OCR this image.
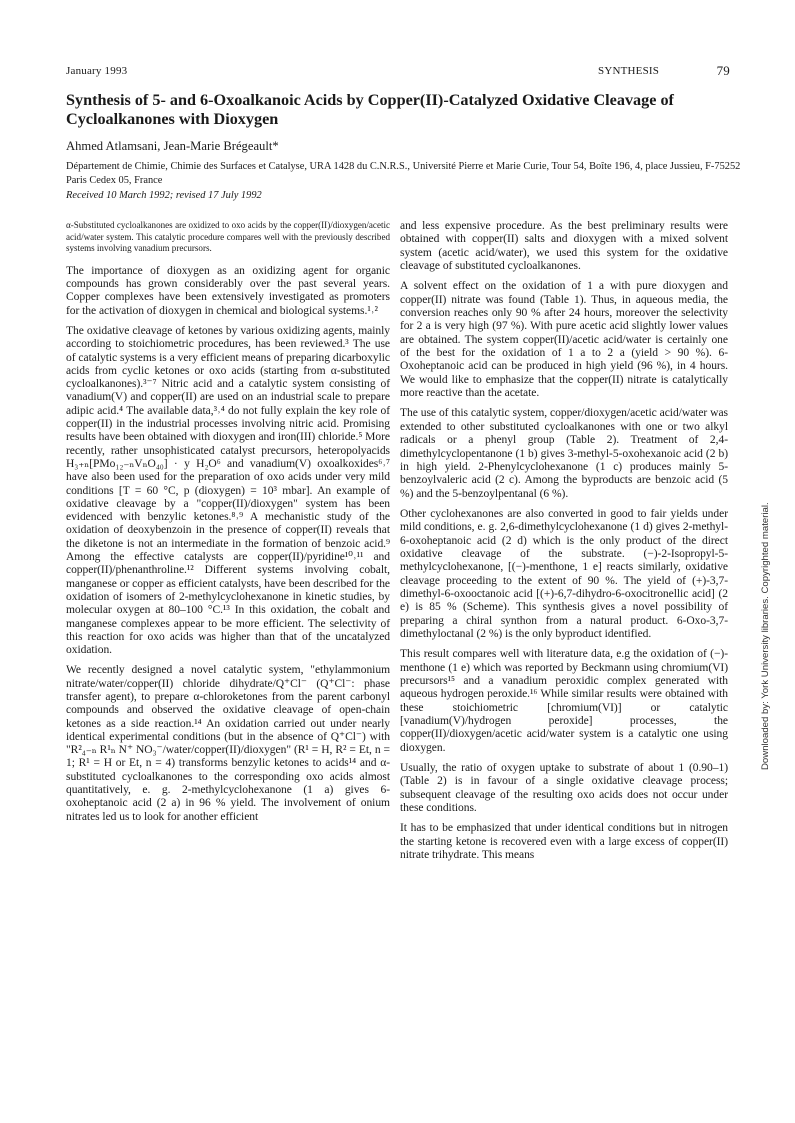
January 1993	SYNTHESIS	79
Synthesis of 5- and 6-Oxoalkanoic Acids by Copper(II)-Catalyzed Oxidative Cleavage of Cycloalkanones with Dioxygen
Ahmed Atlamsani, Jean-Marie Brégeault*
Département de Chimie, Chimie des Surfaces et Catalyse, URA 1428 du C.N.R.S., Université Pierre et Marie Curie, Tour 54, Boîte 196, 4, place Jussieu, F-75252 Paris Cedex 05, France
Received 10 March 1992; revised 17 July 1992

α-Substituted cycloalkanones are oxidized to oxo acids by the copper(II)/dioxygen/acetic acid/water system. This catalytic procedure compares well with the previously described systems involving vanadium precursors.

The importance of dioxygen as an oxidizing agent for organic compounds has grown considerably over the past several years. Copper complexes have been extensively investigated as promoters for the activation of dioxygen in chemical and biological systems.¹˒²

The oxidative cleavage of ketones by various oxidizing agents, mainly according to stoichiometric procedures, has been reviewed.³ The use of catalytic systems is a very efficient means of preparing dicarboxylic acids from cyclic ketones or oxo acids (starting from α-substituted cycloalkanones).³⁻⁷ Nitric acid and a catalytic system consisting of vanadium(V) and copper(II) are used on an industrial scale to prepare adipic acid.⁴ The available data,³˒⁴ do not fully explain the key role of copper(II) in the industrial processes involving nitric acid. Promising results have been obtained with dioxygen and iron(III) chloride.⁵ More recently, rather unsophisticated catalyst precursors, heteropolyacids H₃₊ₙ[PMo₁₂₋ₙVₙO₄₀] · y H₂O⁶ and vanadium(V) oxoalkoxides⁶˒⁷ have also been used for the preparation of oxo acids under very mild conditions [T = 60 °C, p (dioxygen) = 10³ mbar]. An example of oxidative cleavage by a "copper(II)/dioxygen" system has been evidenced with benzylic ketones.⁸˒⁹ A mechanistic study of the oxidation of deoxybenzoin in the presence of copper(II) reveals that the diketone is not an intermediate in the formation of benzoic acid.⁹ Among the effective catalysts are copper(II)/pyridine¹⁰˒¹¹ and copper(II)/phenanthroline.¹² Different systems involving cobalt, manganese or copper as efficient catalysts, have been described for the oxidation of isomers of 2-methylcyclohexanone in kinetic studies, by molecular oxygen at 80–100 °C.¹³ In this oxidation, the cobalt and manganese complexes appear to be more efficient. The selectivity of this reaction for oxo acids was higher than that of the uncatalyzed oxidation.

We recently designed a novel catalytic system, "ethylammonium nitrate/water/copper(II) chloride dihydrate/Q⁺Cl⁻ (Q⁺Cl⁻: phase transfer agent), to prepare α-chloroketones from the parent carbonyl compounds and observed the oxidative cleavage of open-chain ketones as a side reaction.¹⁴ An oxidation carried out under nearly identical experimental conditions (but in the absence of Q⁺Cl⁻) with "R²₄₋ₙ R¹ₙ N⁺ NO₃⁻/water/copper(II)/dioxygen" (R¹ = H, R² = Et, n = 1; R¹ = H or Et, n = 4) transforms benzylic ketones to acids¹⁴ and α-substituted cycloalkanones to the corresponding oxo acids almost quantitatively, e. g. 2-methylcyclohexanone (1 a) gives 6-oxoheptanoic acid (2 a) in 96 % yield. The involvement of onium nitrates led us to look for another efficient

and less expensive procedure. As the best preliminary results were obtained with copper(II) salts and dioxygen with a mixed solvent system (acetic acid/water), we used this system for the oxidative cleavage of substituted cycloalkanones.

A solvent effect on the oxidation of 1 a with pure dioxygen and copper(II) nitrate was found (Table 1). Thus, in aqueous media, the conversion reaches only 90 % after 24 hours, moreover the selectivity for 2 a is very high (97 %). With pure acetic acid slightly lower values are obtained. The system copper(II)/acetic acid/water is certainly one of the best for the oxidation of 1 a to 2 a (yield > 90 %). 6-Oxoheptanoic acid can be produced in high yield (96 %), in 4 hours. We would like to emphasize that the copper(II) nitrate is catalytically more reactive than the acetate.

The use of this catalytic system, copper/dioxygen/acetic acid/water was extended to other substituted cycloalkanones with one or two alkyl radicals or a phenyl group (Table 2). Treatment of 2,4-dimethylcyclopentanone (1 b) gives 3-methyl-5-oxohexanoic acid (2 b) in high yield. 2-Phenylcyclohexanone (1 c) produces mainly 5-benzoylvaleric acid (2 c). Among the byproducts are benzoic acid (5 %) and the 5-benzoylpentanal (6 %).

Other cyclohexanones are also converted in good to fair yields under mild conditions, e. g. 2,6-dimethylcyclohexanone (1 d) gives 2-methyl-6-oxoheptanoic acid (2 d) which is the only product of the direct oxidative cleavage of the substrate. (−)-2-Isopropyl-5-methylcyclohexanone, [(−)-menthone, 1 e] reacts similarly, oxidative cleavage proceeding to the extent of 90 %. The yield of (+)-3,7-dimethyl-6-oxooctanoic acid [(+)-6,7-dihydro-6-oxocitronellic acid] (2 e) is 85 % (Scheme). This synthesis gives a novel possibility of preparing a chiral synthon from a natural product. 6-Oxo-3,7-dimethyloctanal (2 %) is the only byproduct identified.

This result compares well with literature data, e.g the oxidation of (−)-menthone (1 e) which was reported by Beckmann using chromium(VI) precursors¹⁵ and a vanadium peroxidic complex generated with aqueous hydrogen peroxide.¹⁶ While similar results were obtained with these stoichiometric [chromium(VI)] or catalytic [vanadium(V)/hydrogen peroxide] processes, the copper(II)/dioxygen/acetic acid/water system is a catalytic one using dioxygen.

Usually, the ratio of oxygen uptake to substrate of about 1 (0.90–1) (Table 2) is in favour of a single oxidative cleavage process; subsequent cleavage of the resulting oxo acids does not occur under these conditions.

It has to be emphasized that under identical conditions but in nitrogen the starting ketone is recovered even with a large excess of copper(II) nitrate trihydrate. This means

Downloaded by: York University libraries. Copyrighted material.
